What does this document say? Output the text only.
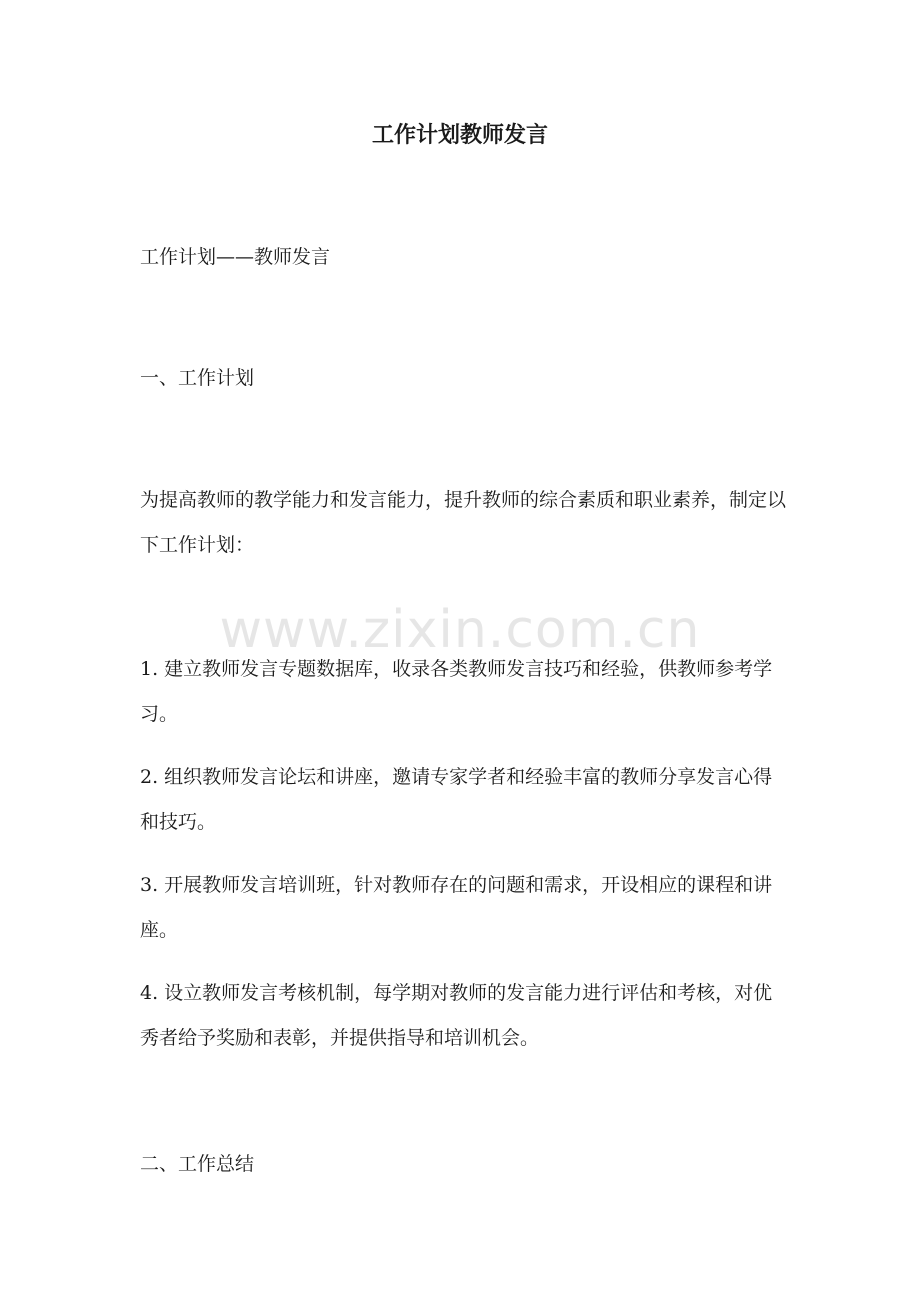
www.zixin.com.cn
工作计划教师发言

工作计划——教师发言

一、工作计划

为提高教师的教学能力和发言能力，提升教师的综合素质和职业素养，制定以下工作计划：

1. 建立教师发言专题数据库，收录各类教师发言技巧和经验，供教师参考学习。

2. 组织教师发言论坛和讲座，邀请专家学者和经验丰富的教师分享发言心得和技巧。

3. 开展教师发言培训班，针对教师存在的问题和需求，开设相应的课程和讲座。

4. 设立教师发言考核机制，每学期对教师的发言能力进行评估和考核，对优秀者给予奖励和表彰，并提供指导和培训机会。

二、工作总结
